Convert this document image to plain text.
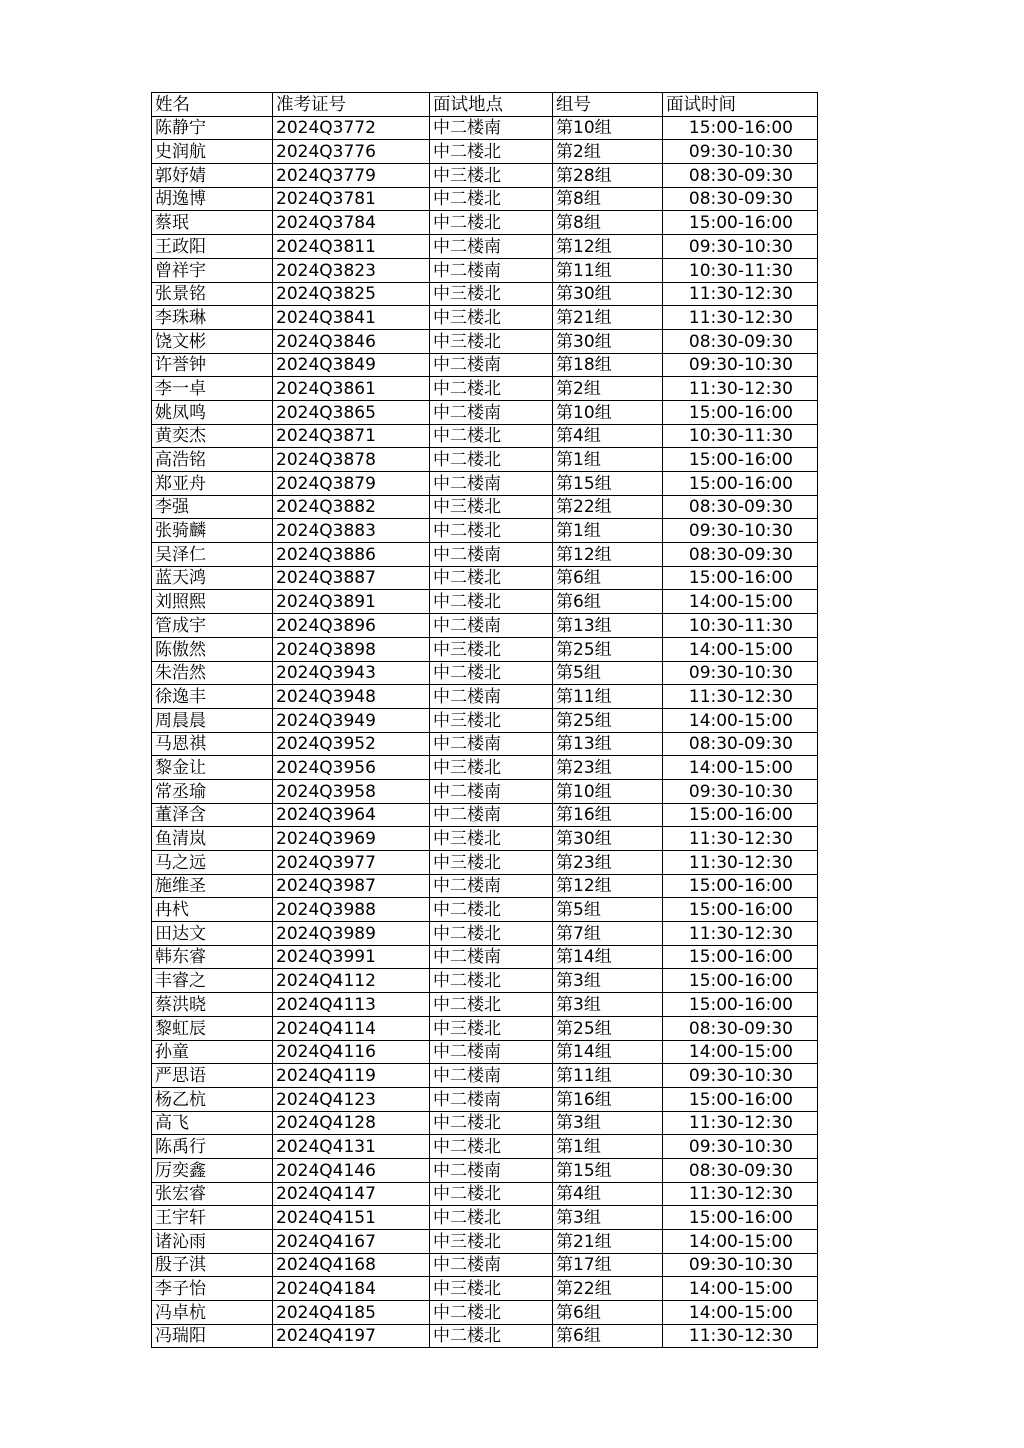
姓名	准考证号	面试地点	组号	面试时间
陈静宁	2024Q3772	中二楼南	第10组	15:00-16:00
史润航	2024Q3776	中二楼北	第2组	09:30-10:30
郭妤婧	2024Q3779	中三楼北	第28组	08:30-09:30
胡逸博	2024Q3781	中二楼北	第8组	08:30-09:30
蔡珉	2024Q3784	中二楼北	第8组	15:00-16:00
王政阳	2024Q3811	中二楼南	第12组	09:30-10:30
曾祥宇	2024Q3823	中二楼南	第11组	10:30-11:30
张景铭	2024Q3825	中三楼北	第30组	11:30-12:30
李珠琳	2024Q3841	中三楼北	第21组	11:30-12:30
饶文彬	2024Q3846	中三楼北	第30组	08:30-09:30
许誉钟	2024Q3849	中二楼南	第18组	09:30-10:30
李一卓	2024Q3861	中二楼北	第2组	11:30-12:30
姚凤鸣	2024Q3865	中二楼南	第10组	15:00-16:00
黄奕杰	2024Q3871	中二楼北	第4组	10:30-11:30
高浩铭	2024Q3878	中二楼北	第1组	15:00-16:00
郑亚舟	2024Q3879	中二楼南	第15组	15:00-16:00
李强	2024Q3882	中三楼北	第22组	08:30-09:30
张骑麟	2024Q3883	中二楼北	第1组	09:30-10:30
吴泽仁	2024Q3886	中二楼南	第12组	08:30-09:30
蓝天鸿	2024Q3887	中二楼北	第6组	15:00-16:00
刘照熙	2024Q3891	中二楼北	第6组	14:00-15:00
管成宇	2024Q3896	中二楼南	第13组	10:30-11:30
陈傲然	2024Q3898	中三楼北	第25组	14:00-15:00
朱浩然	2024Q3943	中二楼北	第5组	09:30-10:30
徐逸丰	2024Q3948	中二楼南	第11组	11:30-12:30
周晨晨	2024Q3949	中三楼北	第25组	14:00-15:00
马恩祺	2024Q3952	中二楼南	第13组	08:30-09:30
黎金让	2024Q3956	中三楼北	第23组	14:00-15:00
常丞瑜	2024Q3958	中二楼南	第10组	09:30-10:30
董泽含	2024Q3964	中二楼南	第16组	15:00-16:00
鱼清岚	2024Q3969	中三楼北	第30组	11:30-12:30
马之远	2024Q3977	中三楼北	第23组	11:30-12:30
施维圣	2024Q3987	中二楼南	第12组	15:00-16:00
冉杙	2024Q3988	中二楼北	第5组	15:00-16:00
田达文	2024Q3989	中二楼北	第7组	11:30-12:30
韩东睿	2024Q3991	中二楼南	第14组	15:00-16:00
丰睿之	2024Q4112	中二楼北	第3组	15:00-16:00
蔡洪晓	2024Q4113	中二楼北	第3组	15:00-16:00
黎虹辰	2024Q4114	中三楼北	第25组	08:30-09:30
孙童	2024Q4116	中二楼南	第14组	14:00-15:00
严思语	2024Q4119	中二楼南	第11组	09:30-10:30
杨乙杭	2024Q4123	中二楼南	第16组	15:00-16:00
高飞	2024Q4128	中二楼北	第3组	11:30-12:30
陈禹行	2024Q4131	中二楼北	第1组	09:30-10:30
厉奕鑫	2024Q4146	中二楼南	第15组	08:30-09:30
张宏睿	2024Q4147	中二楼北	第4组	11:30-12:30
王宇轩	2024Q4151	中二楼北	第3组	15:00-16:00
诸沁雨	2024Q4167	中三楼北	第21组	14:00-15:00
殷子淇	2024Q4168	中二楼南	第17组	09:30-10:30
李子怡	2024Q4184	中三楼北	第22组	14:00-15:00
冯卓杭	2024Q4185	中二楼北	第6组	14:00-15:00
冯瑞阳	2024Q4197	中二楼北	第6组	11:30-12:30
